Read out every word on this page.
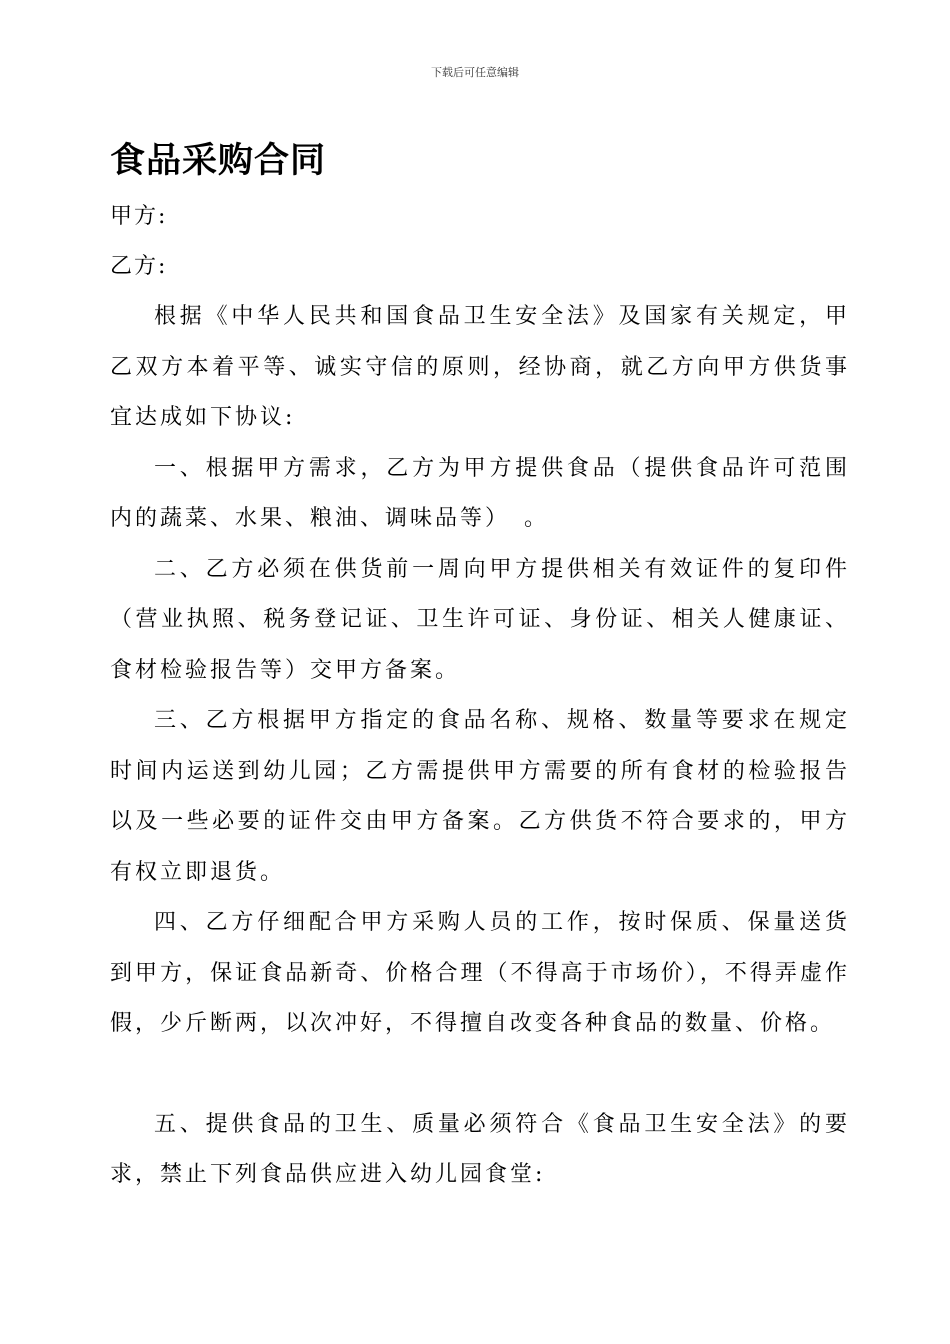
下载后可任意编辑
食品采购合同

甲方:

乙方:

根据《中华人民共和国食品卫生安全法》及国家有关规定，甲乙双方本着平等、诚实守信的原则，经协商，就乙方向甲方供货事宜达成如下协议:

一、根据甲方需求，乙方为甲方提供食品（提供食品许可范围内的蔬菜、水果、粮油、调味品等）　。

二、乙方必须在供货前一周向甲方提供相关有效证件的复印件（营业执照、税务登记证、卫生许可证、身份证、相关人健康证、食材检验报告等）交甲方备案。

三、乙方根据甲方指定的食品名称、规格、数量等要求在规定时间内运送到幼儿园；乙方需提供甲方需要的所有食材的检验报告以及一些必要的证件交由甲方备案。乙方供货不符合要求的，甲方有权立即退货。

四、乙方仔细配合甲方采购人员的工作，按时保质、保量送货到甲方，保证食品新奇、价格合理（不得高于市场价），不得弄虚作假，少斤断两，以次冲好，不得擅自改变各种食品的数量、价格。

五、提供食品的卫生、质量必须符合《食品卫生安全法》的要求，禁止下列食品供应进入幼儿园食堂:
